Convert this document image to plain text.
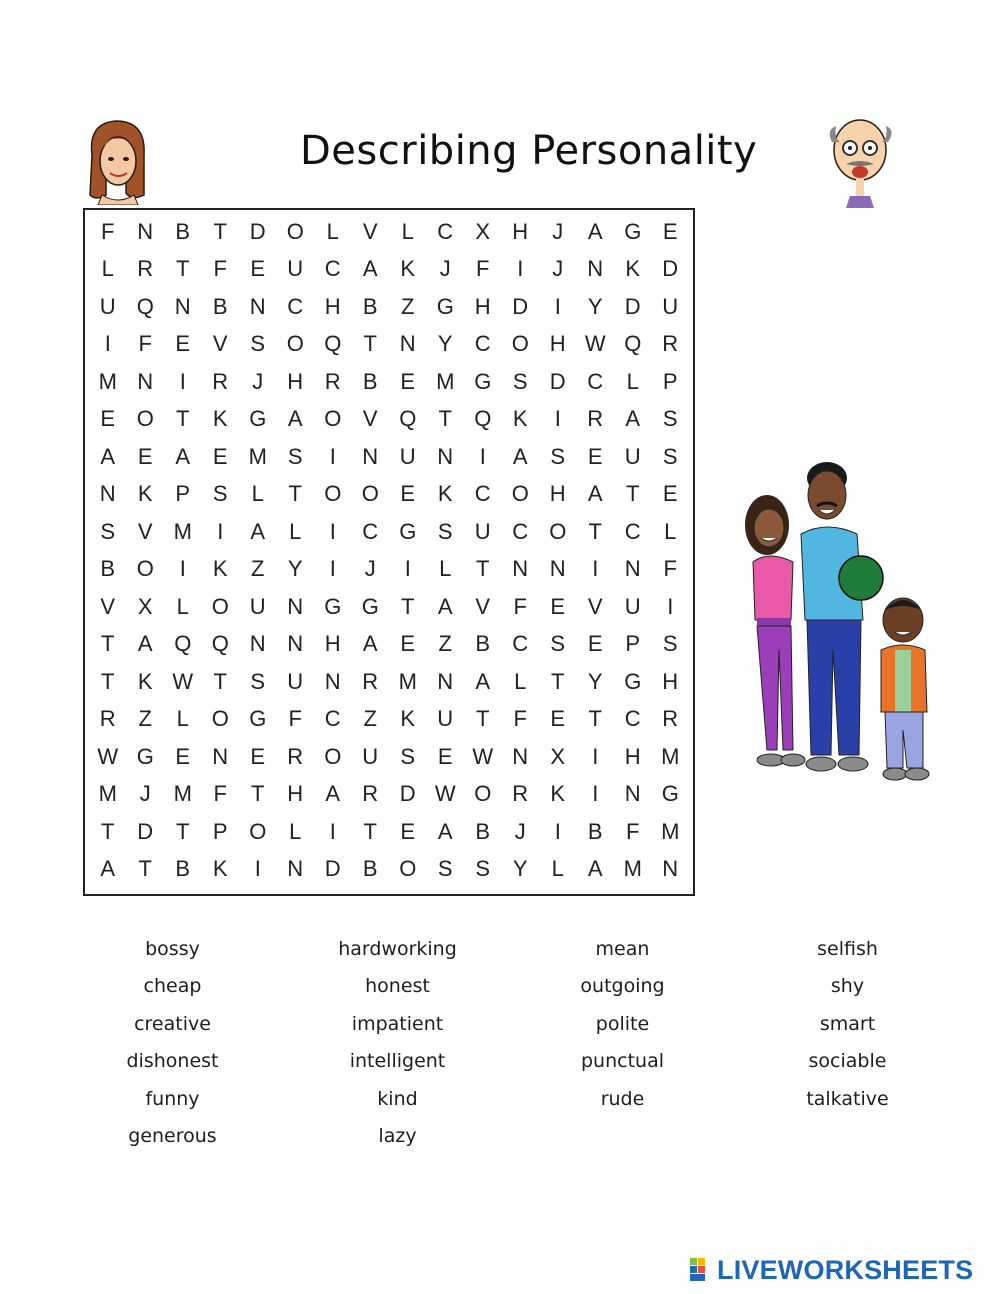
Describing Personality
F	N	B	T	D O	L	V	L	C	X	H	J	A G E
L	R	T	F	E	U C	A	K	J	F	I	J	N	K	D
U Q N	B	N C H	B	Z	G H D	I	Y	D U
I	F	E	V	S O Q	T	N	Y	C O H W Q R
M N	I	R	J	H R	B	E M G S	D C	L	P
E O	T	K G A O V Q	T	Q K	I	R	A	S
A	E	A	E M S	I	N U N	I	A	S	E	U	S
N	K	P	S	L	T	O O E	K	C O H	A	T	E
S	V M	I	A	L	I	C G S	U C O	T	C	L
B O	I	K	Z	Y	I	J	I	L	T	N N	I	N	F
V	X	L	O U N G G	T	A	V	F	E	V	U	I
T	A Q Q N N H	A	E	Z	B	C	S	E	P	S
T	K W T	S	U N R M N	A	L	T	Y G H
R	Z	L	O G	F	C	Z	K	U	T	F	E	T	C R
W G E	N	E	R O U	S	E W N	X	I	H M
M	J	M F	T	H	A	R D W O R	K	I	N G
T	D	T	P O	L	I	T	E	A	B	J	I	B	F M
A	T	B	K	I	N D	B O S	S	Y	L	A M N
bossy
cheap
creative
dishonest
funny
generous
hardworking
honest
impatient
intelligent
kind
lazy
mean
outgoing
polite
punctual
rude
selfish
shy
smart
sociable
talkative
LIVEWORKSHEETS
